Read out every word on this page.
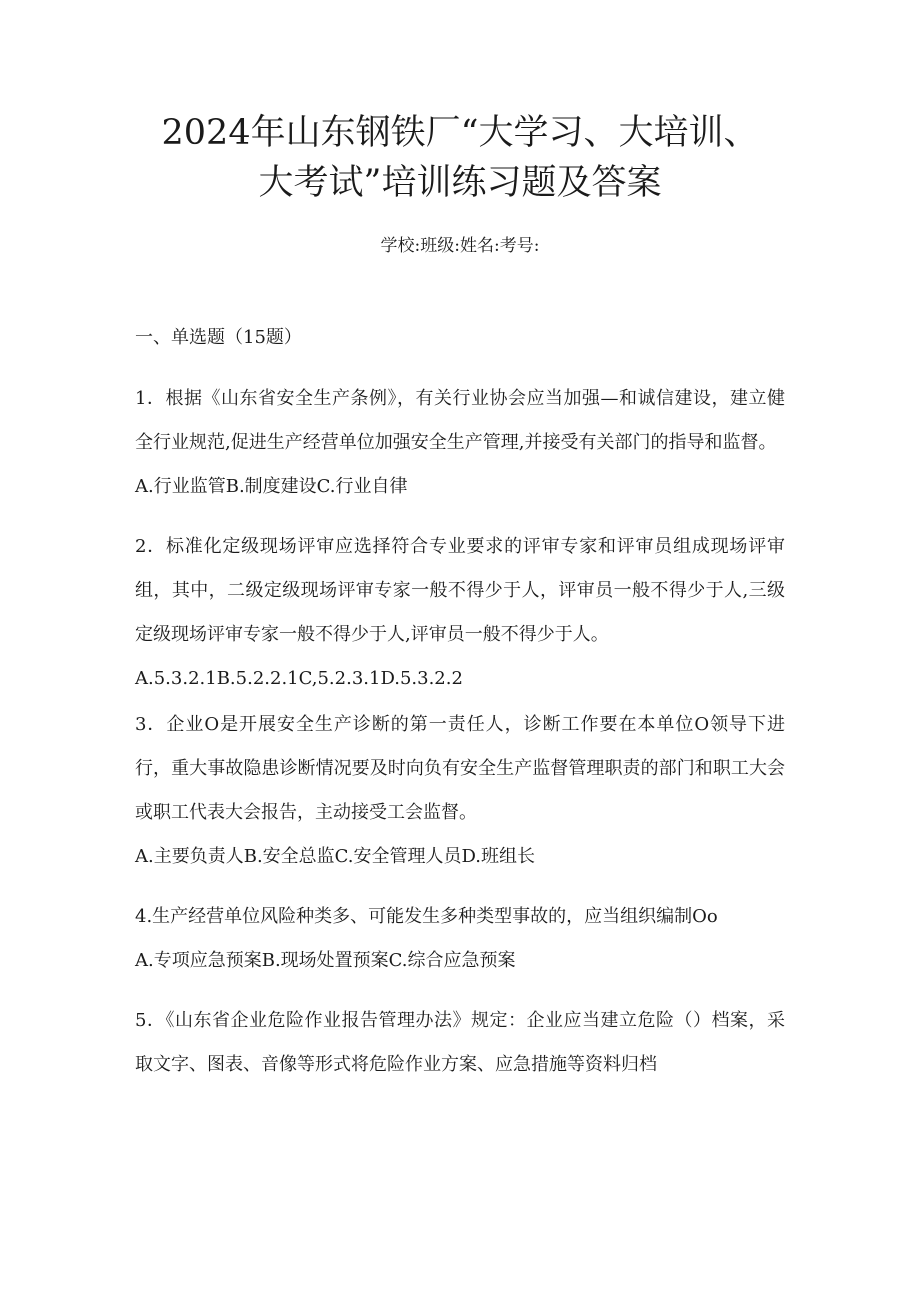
2024年山东钢铁厂“大学习、大培训、大考试”培训练习题及答案
学校:班级:姓名:考号:
一、单选题（15题）

1．根据《山东省安全生产条例》，有关行业协会应当加强—和诚信建设，建立健全行业规范,促进生产经营单位加强安全生产管理,并接受有关部门的指导和监督。

A.行业监管B.制度建设C.行业自律

2．标准化定级现场评审应选择符合专业要求的评审专家和评审员组成现场评审组，其中，二级定级现场评审专家一般不得少于人，评审员一般不得少于人,三级定级现场评审专家一般不得少于人,评审员一般不得少于人。

A.5.3.2.1B.5.2.2.1C,5.2.3.1D.5.3.2.2

3．企业O是开展安全生产诊断的第一责任人，诊断工作要在本单位O领导下进行，重大事故隐患诊断情况要及时向负有安全生产监督管理职责的部门和职工大会或职工代表大会报告，主动接受工会监督。

A.主要负责人B.安全总监C.安全管理人员D.班组长

4.生产经营单位风险种类多、可能发生多种类型事故的，应当组织编制Oo

A.专项应急预案B.现场处置预案C.综合应急预案

5．《山东省企业危险作业报告管理办法》规定：企业应当建立危险（）档案，采取文字、图表、音像等形式将危险作业方案、应急措施等资料归档
